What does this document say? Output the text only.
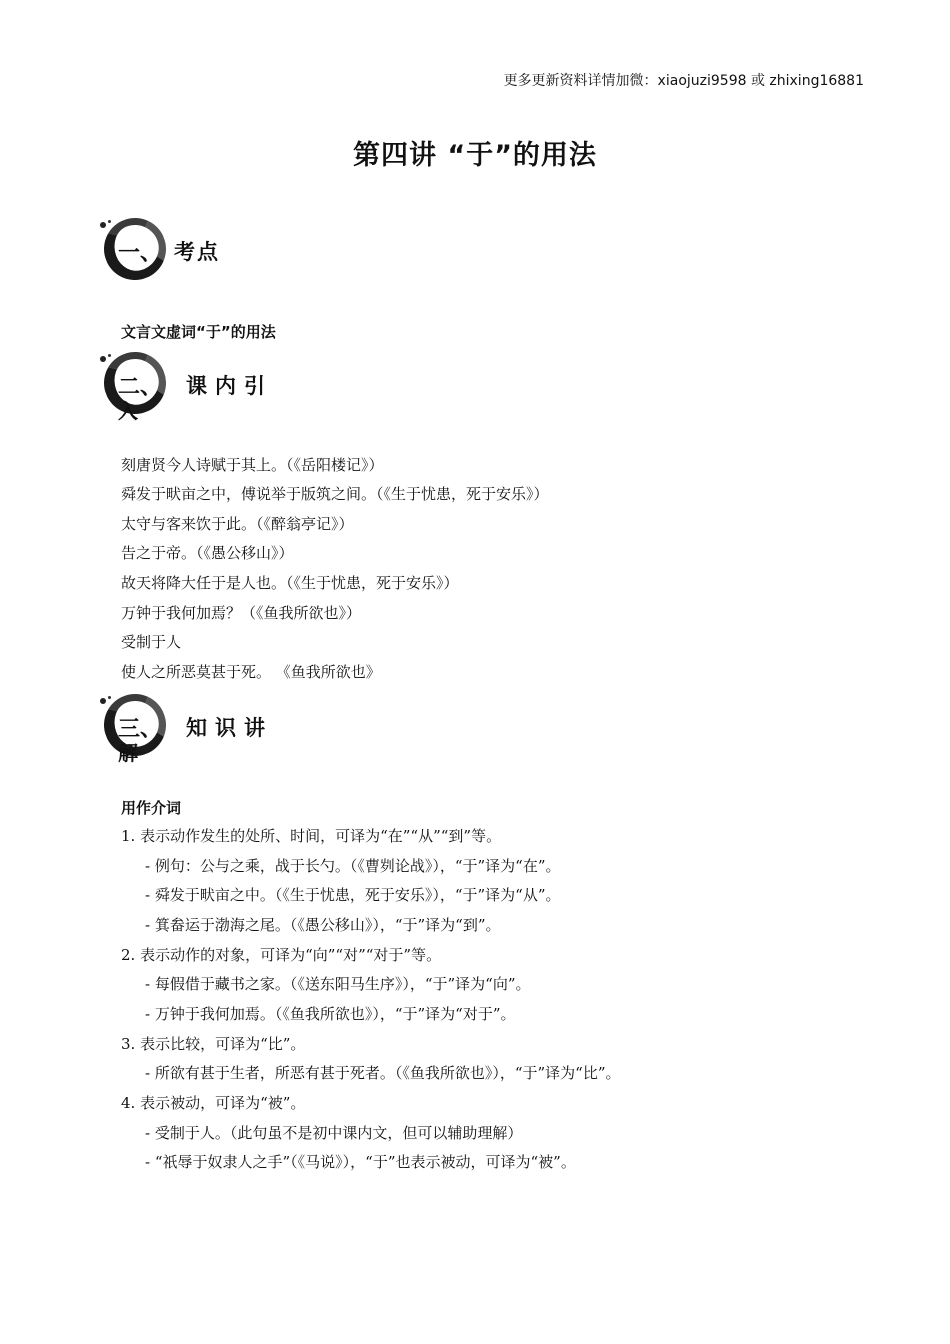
更多更新资料详情加微：xiaojuzi9598 或 zhixing16881
第四讲 “于”的用法
一、 考点
文言文虚词“于”的用法
二、 课内引
入
刻唐贤今人诗赋于其上。（《岳阳楼记》）
舜发于畎亩之中，傅说举于版筑之间。（《生于忧患，死于安乐》）
太守与客来饮于此。（《醉翁亭记》）
告之于帝。（《愚公移山》）
故天将降大任于是人也。（《生于忧患，死于安乐》）
万钟于我何加焉？（《鱼我所欲也》）
受制于人
使人之所恶莫甚于死。 《鱼我所欲也》
三、 知识讲
解
用作介词
1. 表示动作发生的处所、时间，可译为“在”“从”“到”等。
- 例句：公与之乘，战于长勺。（《曹刿论战》），“于”译为“在”。
- 舜发于畎亩之中。（《生于忧患，死于安乐》），“于”译为“从”。
- 箕畚运于渤海之尾。（《愚公移山》），“于”译为“到”。
2. 表示动作的对象，可译为“向”“对”“对于”等。
- 每假借于藏书之家。（《送东阳马生序》），“于”译为“向”。
- 万钟于我何加焉。（《鱼我所欲也》），“于”译为“对于”。
3. 表示比较，可译为“比”。
- 所欲有甚于生者，所恶有甚于死者。（《鱼我所欲也》），“于”译为“比”。
4. 表示被动，可译为“被”。
- 受制于人。（此句虽不是初中课内文，但可以辅助理解）
- “祇辱于奴隶人之手”（《马说》），“于”也表示被动，可译为“被”。
